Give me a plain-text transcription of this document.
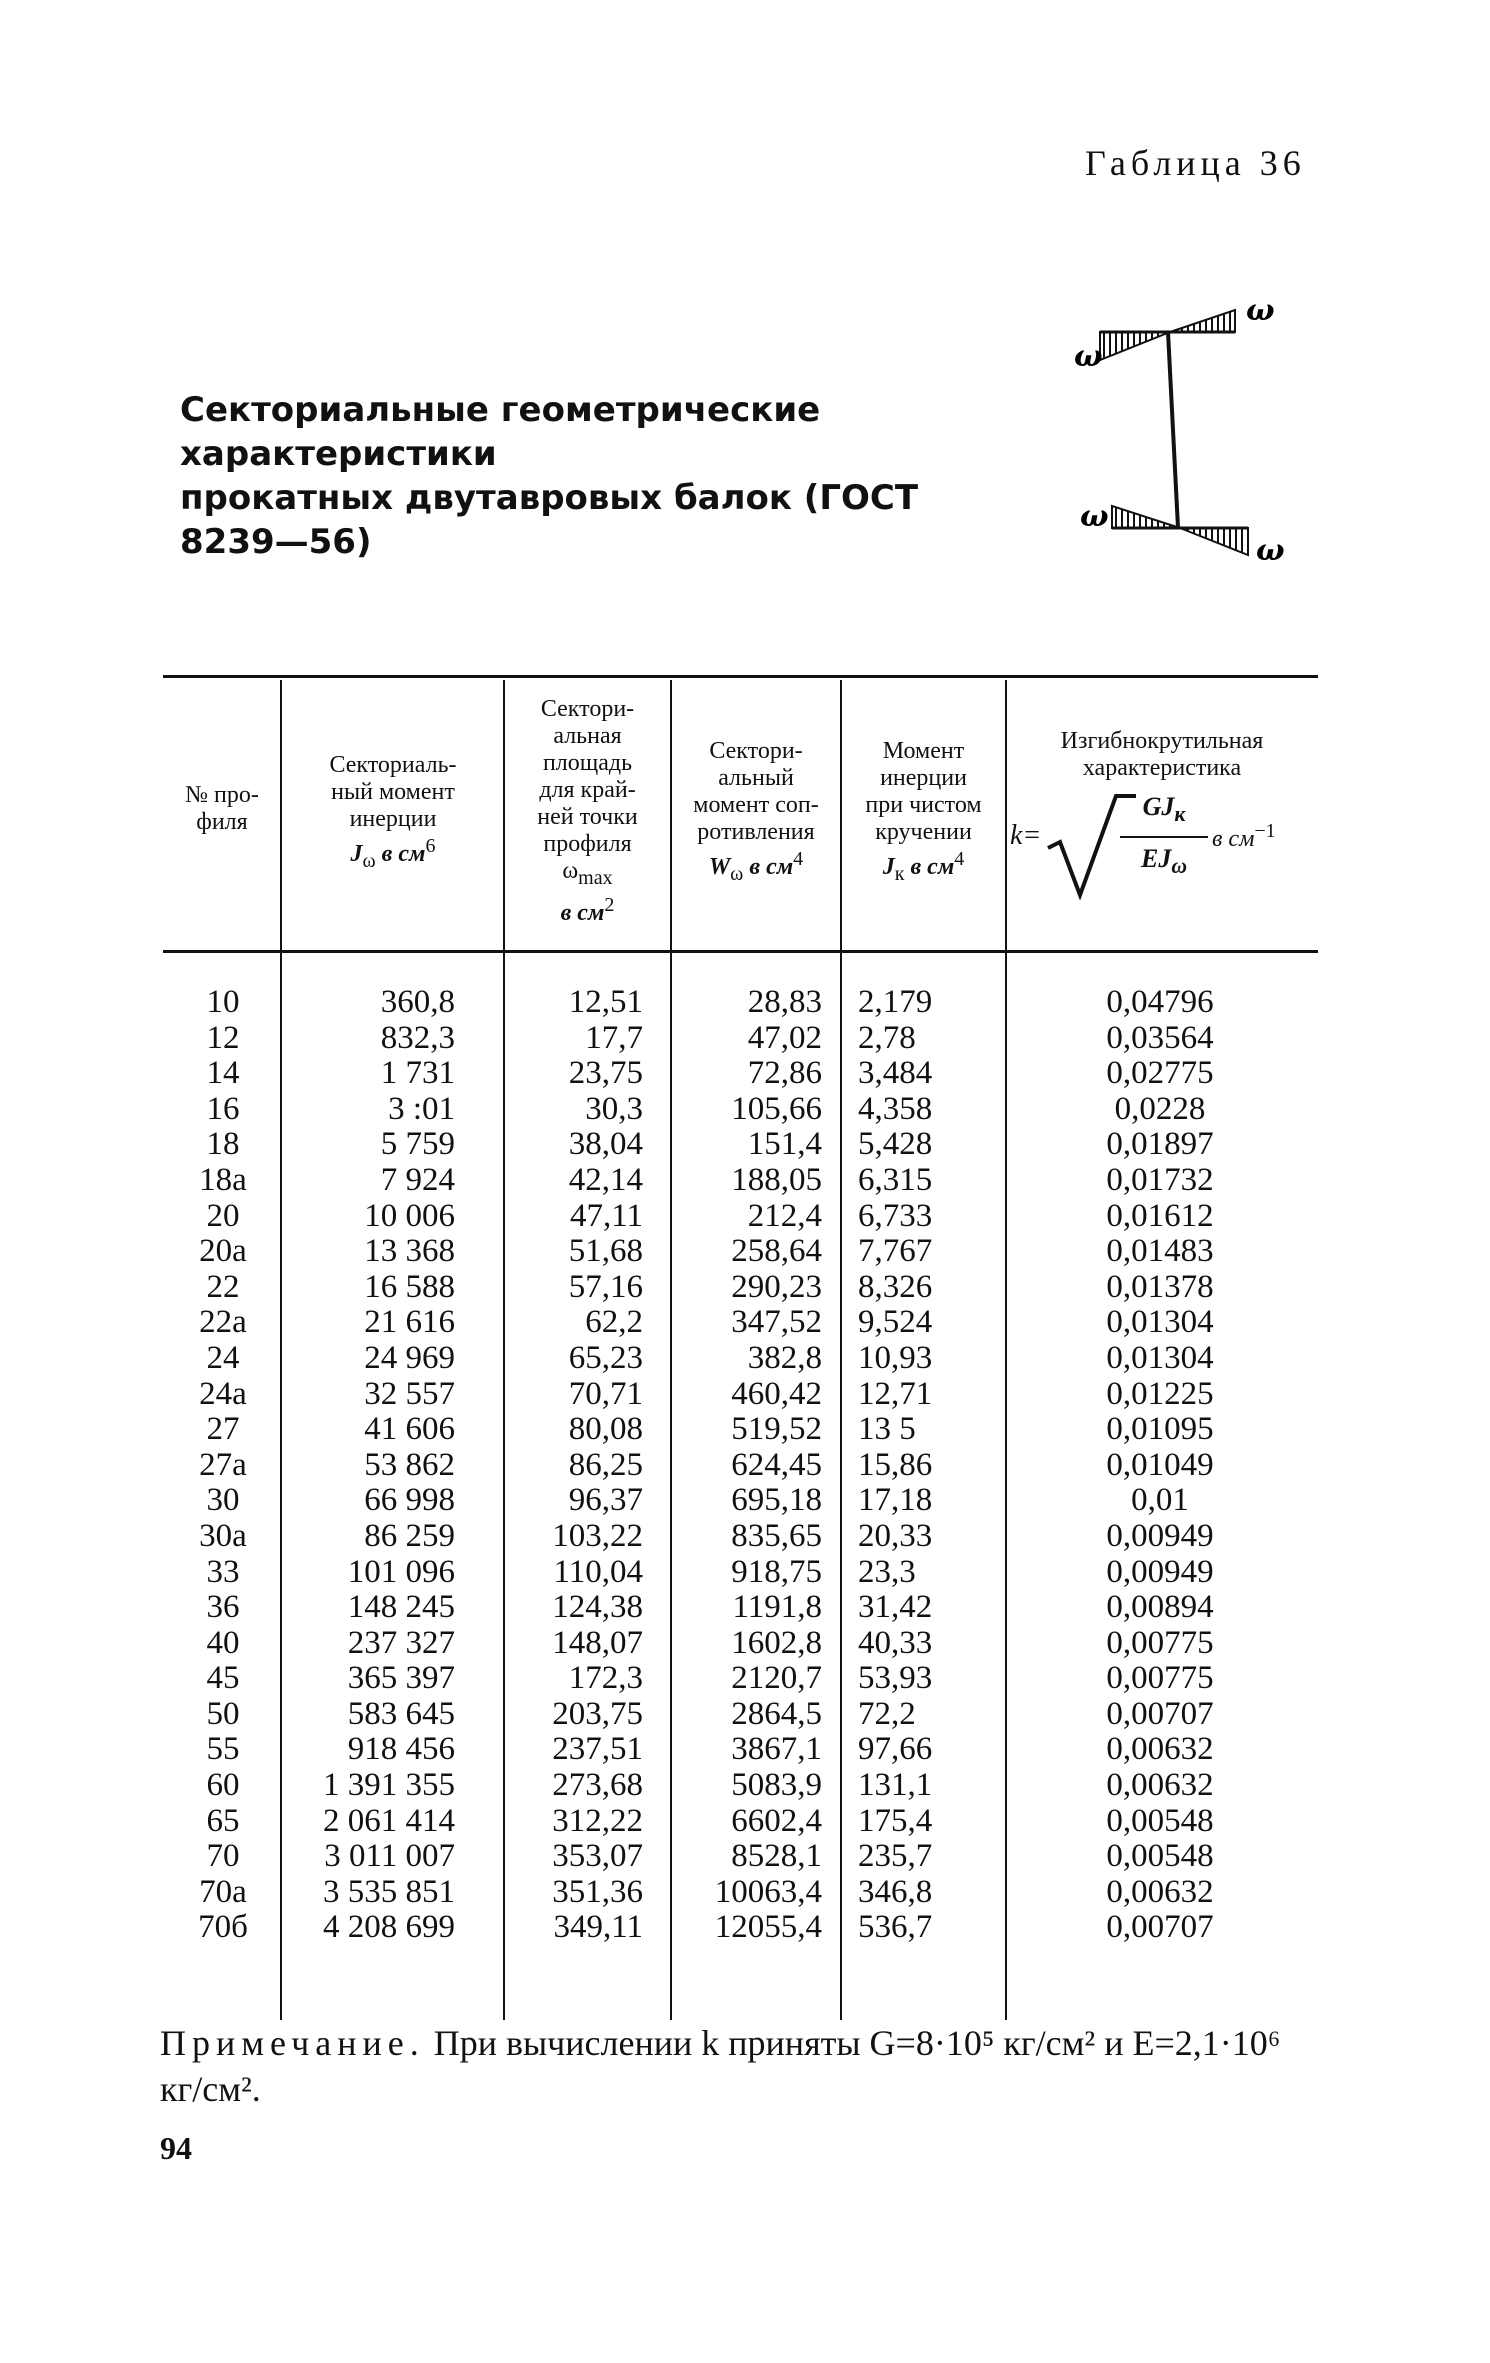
Габлица 36
Секториальные геометрические характеристики
прокатных двутавровых балок (ГОСТ 8239—56)
ω
ω
ω
ω
№ про-
филя
Секториаль-
ный момент
инерции
$J_\omega$ в $см^6$
Сектори-
альная
площадь
для край-
ней точки
профиля
$\omega_{max}$
в $см^2$
Сектори-
альный
момент соп-
ротивления
$W_\omega$ в $см^4$
Момент
инерции
при чистом
кручении
$J_к$ в $см^4$
Изгибнокрутильная
характеристика
k=
$GJ_к$
$EJ_\omega$
в $см^{-1}$
10
12
14
16
18
18а
20
20а
22
22а
24
24а
27
27а
30
30а
33
36
40
45
50
55
60
65
70
70а
70б
360,8
832,3
1 731
3 :01
5 759
7 924
10 006
13 368
16 588
21 616
24 969
32 557
41 606
53 862
66 998
86 259
101 096
148 245
237 327
365 397
583 645
918 456
1 391 355
2 061 414
3 011 007
3 535 851
4 208 699
12,51
17,7
23,75
30,3
38,04
42,14
47,11
51,68
57,16
62,2
65,23
70,71
80,08
86,25
96,37
103,22
110,04
124,38
148,07
172,3
203,75
237,51
273,68
312,22
353,07
351,36
349,11
28,83
47,02
72,86
105,66
151,4
188,05
212,4
258,64
290,23
347,52
382,8
460,42
519,52
624,45
695,18
835,65
918,75
1191,8
1602,8
2120,7
2864,5
3867,1
5083,9
6602,4
8528,1
10063,4
12055,4
2,179
2,78
3,484
4,358
5,428
6,315
6,733
7,767
8,326
9,524
10,93
12,71
13 5
15,86
17,18
20,33
23,3
31,42
40,33
53,93
72,2
97,66
131,1
175,4
235,7
346,8
536,7
0,04796
0,03564
0,02775
0,0228
0,01897
0,01732
0,01612
0,01483
0,01378
0,01304
0,01304
0,01225
0,01095
0,01049
0,01
0,00949
0,00949
0,00894
0,00775
0,00775
0,00707
0,00632
0,00632
0,00548
0,00548
0,00632
0,00707
Примечание. При вычислении k приняты G=8·10⁵ кг/см² и E=2,1·10⁶ кг/см².
94
